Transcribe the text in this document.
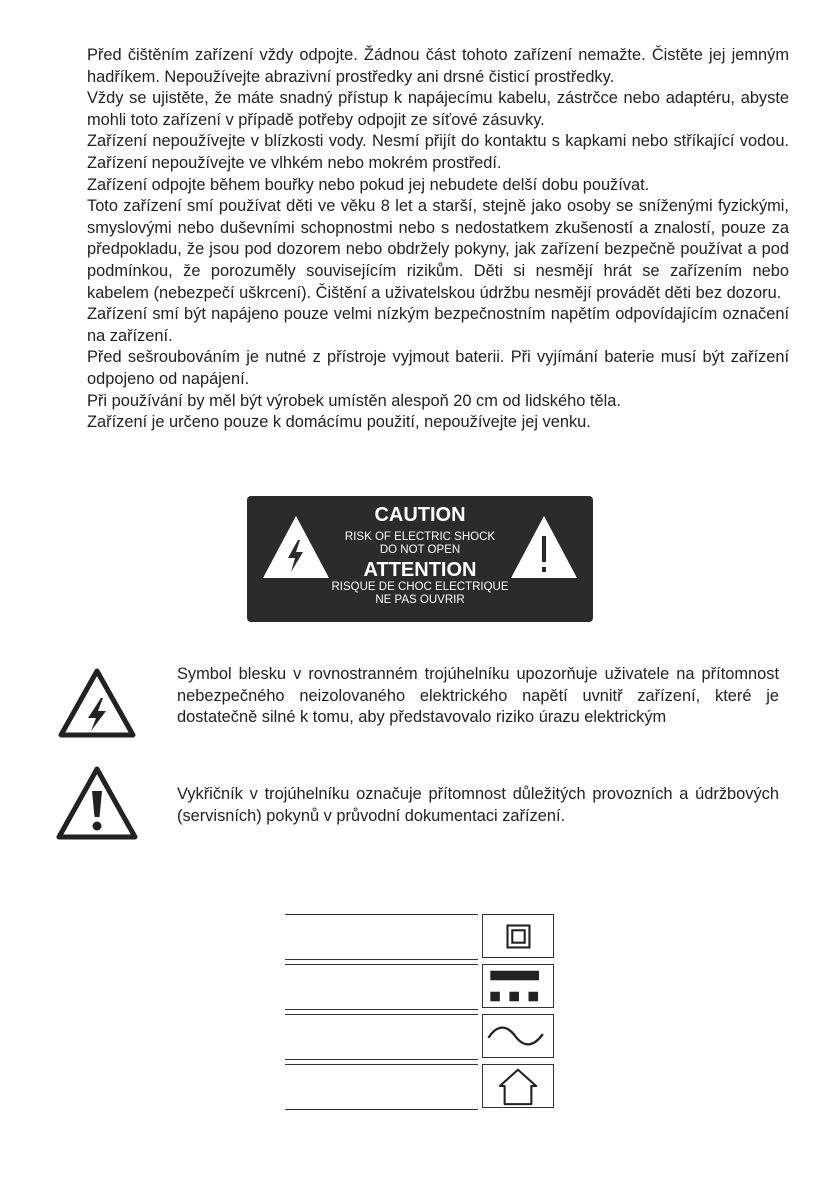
Před čištěním zařízení vždy odpojte. Žádnou část tohoto zařízení nemažte. Čistěte jej jemným hadříkem. Nepoužívejte abrazivní prostředky ani drsné čisticí prostředky.

Vždy se ujistěte, že máte snadný přístup k napájecímu kabelu, zástrčce nebo adaptéru, abyste mohli toto zařízení v případě potřeby odpojit ze síťové zásuvky.

Zařízení nepoužívejte v blízkosti vody. Nesmí přijít do kontaktu s kapkami nebo stříkající vodou. Zařízení nepoužívejte ve vlhkém nebo mokrém prostředí.

Zařízení odpojte během bouřky nebo pokud jej nebudete delší dobu používat.

Toto zařízení smí používat děti ve věku 8 let a starší, stejně jako osoby se sníženými fyzickými, smyslovými nebo duševními schopnostmi nebo s nedostatkem zkušeností a znalostí, pouze za předpokladu, že jsou pod dozorem nebo obdržely pokyny, jak zařízení bezpečně používat a pod podmínkou, že porozuměly souvisejícím rizikům. Děti si nesmějí hrát se zařízením nebo kabelem (nebezpečí uškrcení). Čištění a uživatelskou údržbu nesmějí provádět děti bez dozoru.

Zařízení smí být napájeno pouze velmi nízkým bezpečnostním napětím odpovídajícím označení na zařízení.

Před sešroubováním je nutné z přístroje vyjmout baterii. Při vyjímání baterie musí být zařízení odpojeno od napájení.

Při používání by měl být výrobek umístěn alespoň 20 cm od lidského těla.

Zařízení je určeno pouze k domácímu použití, nepoužívejte jej venku.

CAUTION
RISK OF ELECTRIC SHOCK
DO NOT OPEN
ATTENTION
RISQUE DE CHOC ELECTRIQUE
NE PAS OUVRIR
Symbol blesku v rovnostranném trojúhelníku upozorňuje uživatele na přítomnost nebezpečného neizolovaného elektrického napětí uvnitř zařízení, které je dostatečně silné k tomu, aby představovalo riziko úrazu elektrickým
Vykřičník v trojúhelníku označuje přítomnost důležitých provozních a údržbových (servisních) pokynů v průvodní dokumentaci zařízení.
